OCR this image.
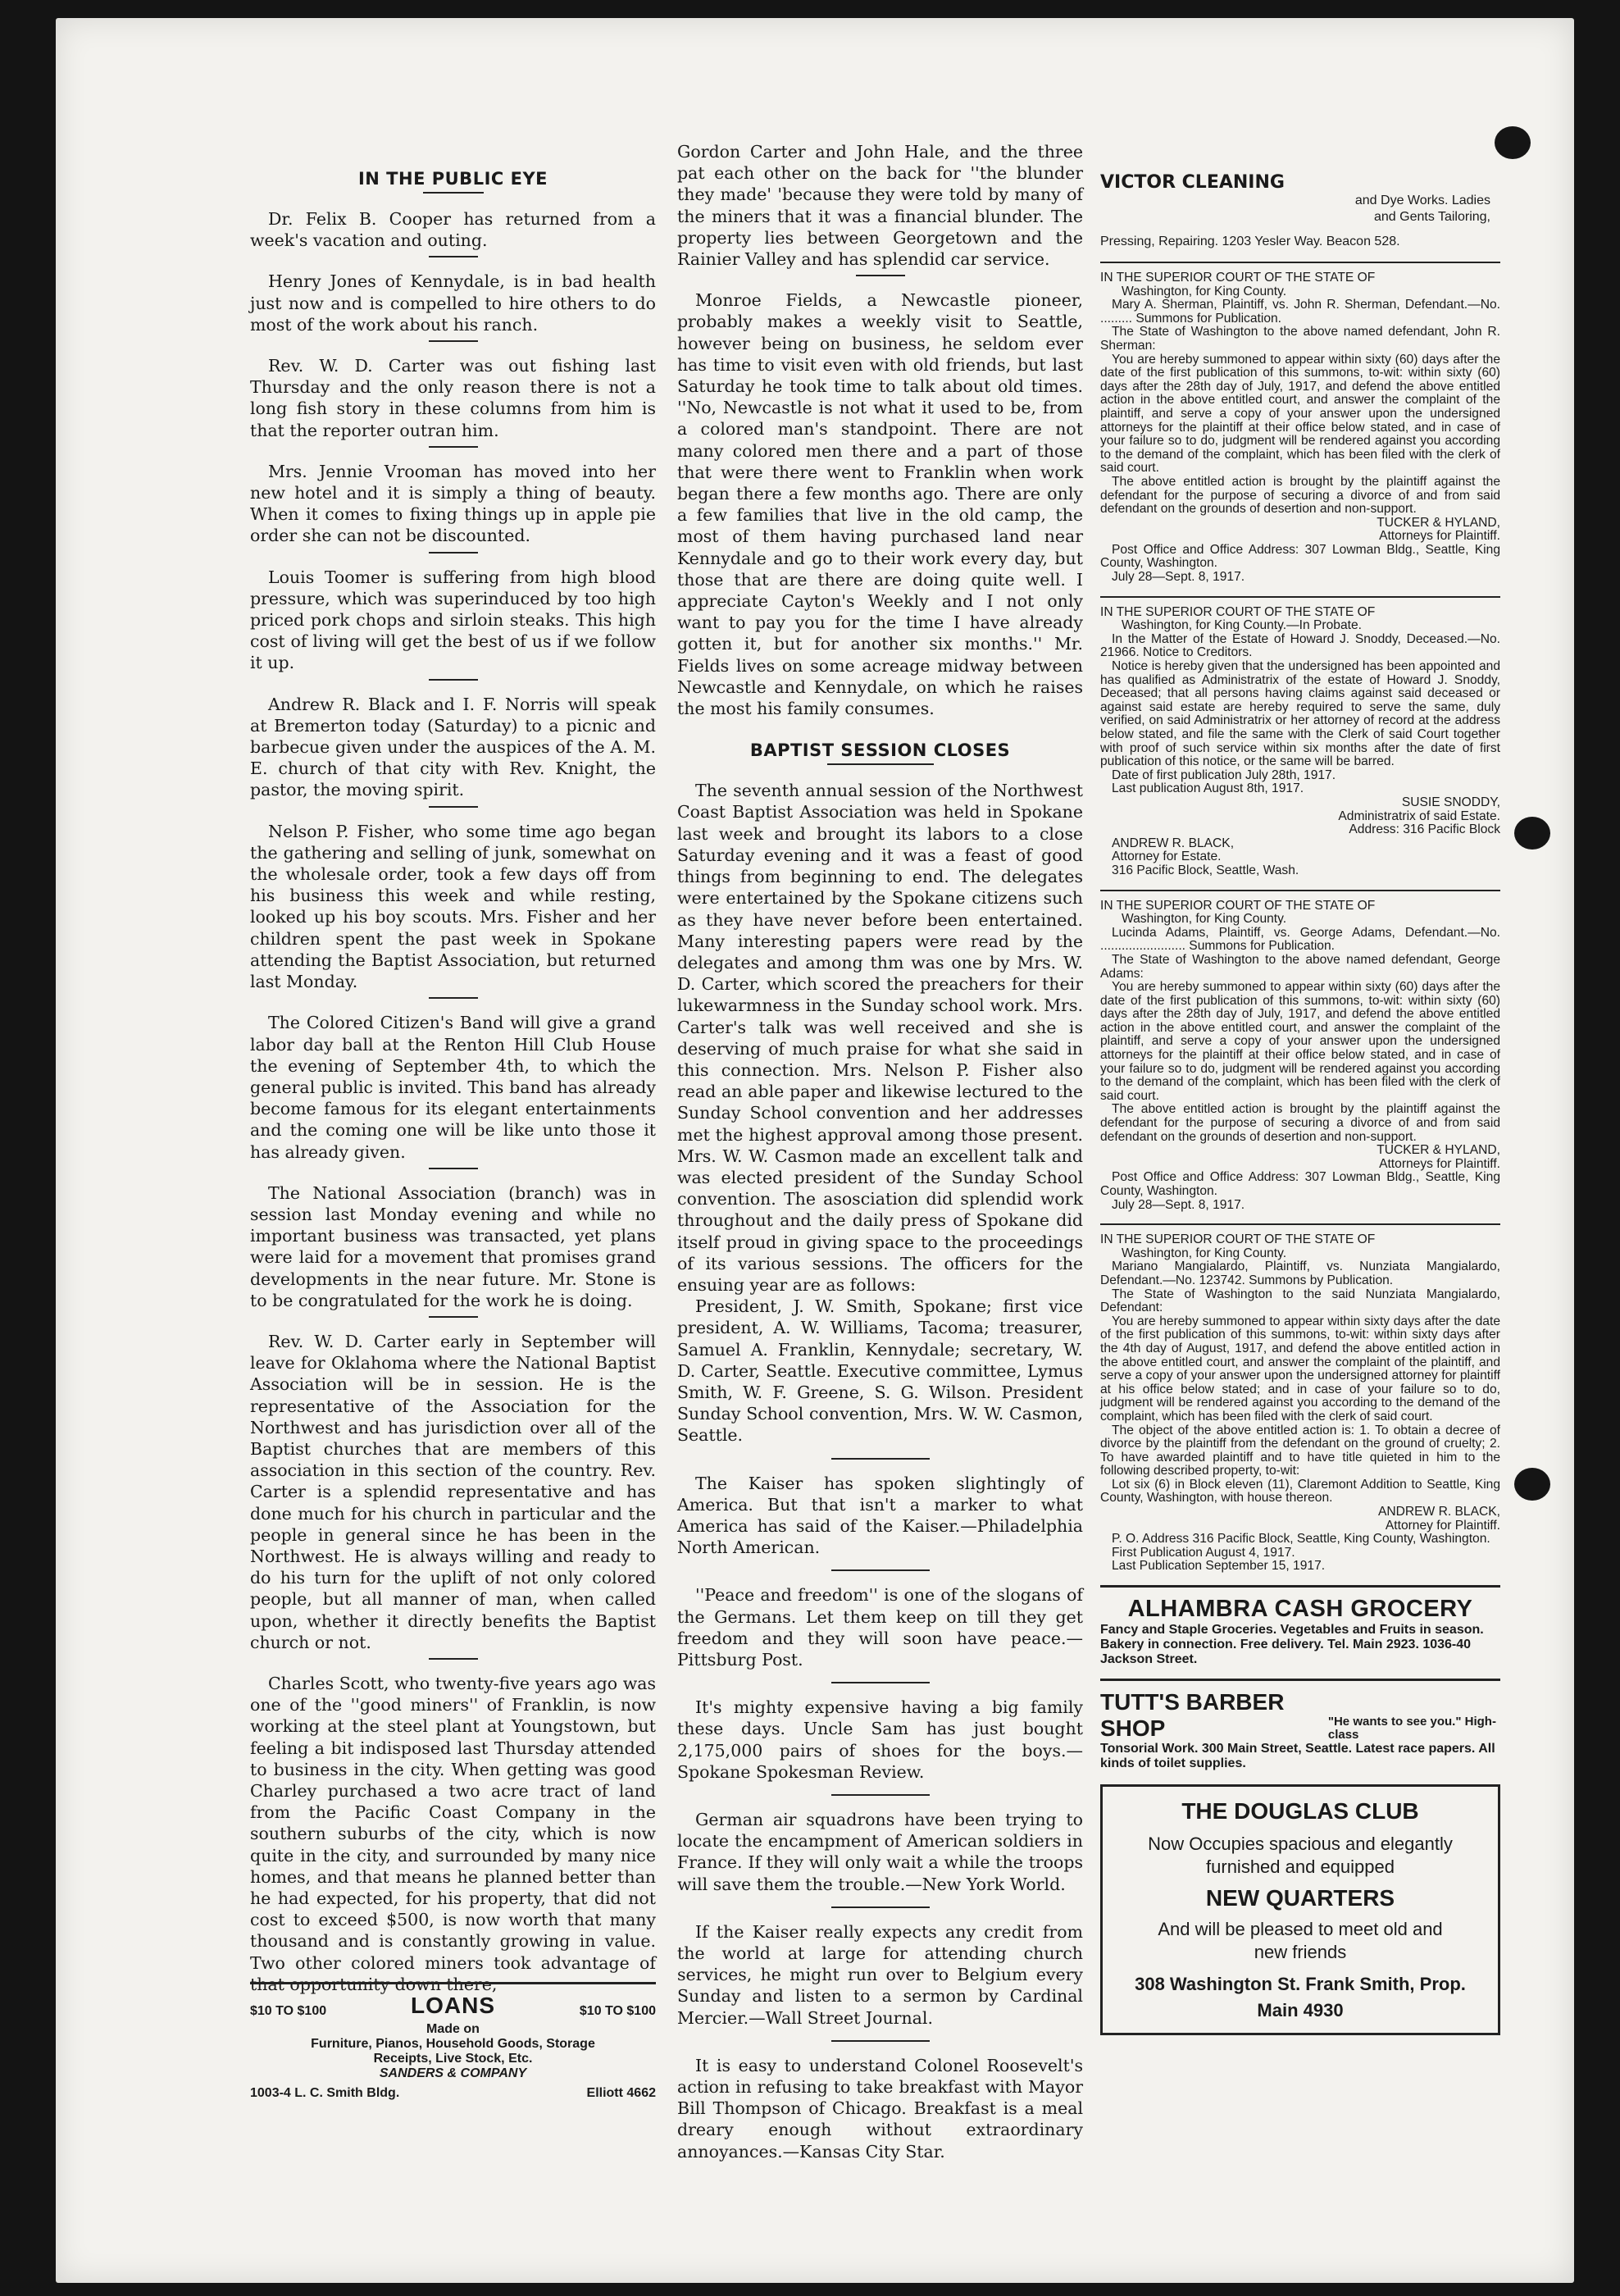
IN THE PUBLIC EYE

Dr. Felix B. Cooper has returned from a week's vacation and outing.

Henry Jones of Kennydale, is in bad health just now and is compelled to hire others to do most of the work about his ranch.

Rev. W. D. Carter was out fishing last Thursday and the only reason there is not a long fish story in these columns from him is that the reporter outran him.

Mrs. Jennie Vrooman has moved into her new hotel and it is simply a thing of beauty. When it comes to fixing things up in apple pie order she can not be discounted.

Louis Toomer is suffering from high blood pressure, which was superinduced by too high priced pork chops and sirloin steaks. This high cost of living will get the best of us if we follow it up.

Andrew R. Black and I. F. Norris will speak at Bremerton today (Saturday) to a picnic and barbecue given under the auspices of the A. M. E. church of that city with Rev. Knight, the pastor, the moving spirit.

Nelson P. Fisher, who some time ago began the gathering and selling of junk, somewhat on the wholesale order, took a few days off from his business this week and while resting, looked up his boy scouts. Mrs. Fisher and her children spent the past week in Spokane attending the Baptist Association, but returned last Monday.

The Colored Citizen's Band will give a grand labor day ball at the Renton Hill Club House the evening of September 4th, to which the general public is invited. This band has already become famous for its elegant entertainments and the coming one will be like unto those it has already given.

The National Association (branch) was in session last Monday evening and while no important business was transacted, yet plans were laid for a movement that promises grand developments in the near future. Mr. Stone is to be congratulated for the work he is doing.

Rev. W. D. Carter early in September will leave for Oklahoma where the National Baptist Association will be in session. He is the representative of the Association for the Northwest and has jurisdiction over all of the Baptist churches that are members of this association in this section of the country. Rev. Carter is a splendid representative and has done much for his church in particular and the people in general since he has been in the Northwest. He is always willing and ready to do his turn for the uplift of not only colored people, but all manner of man, when called upon, whether it directly benefits the Baptist church or not.

Charles Scott, who twenty-five years ago was one of the ''good miners'' of Franklin, is now working at the steel plant at Youngstown, but feeling a bit indisposed last Thursday attended to business in the city. When getting was good Charley purchased a two acre tract of land from the Pacific Coast Company in the southern suburbs of the city, which is now quite in the city, and surrounded by many nice homes, and that means he planned better than he had expected, for his property, that did not cost to exceed $500, is now worth that many thousand and is constantly growing in value. Two other colored miners took advantage of that opportunity down there,

Gordon Carter and John Hale, and the three pat each other on the back for ''the blunder they made' 'because they were told by many of the miners that it was a financial blunder. The property lies between Georgetown and the Rainier Valley and has splendid car service.

Monroe Fields, a Newcastle pioneer, probably makes a weekly visit to Seattle, however being on business, he seldom ever has time to visit even with old friends, but last Saturday he took time to talk about old times. ''No, Newcastle is not what it used to be, from a colored man's standpoint. There are not many colored men there and a part of those that were there went to Franklin when work began there a few months ago. There are only a few families that live in the old camp, the most of them having purchased land near Kennydale and go to their work every day, but those that are there are doing quite well. I appreciate Cayton's Weekly and I not only want to pay you for the time I have already gotten it, but for another six months.'' Mr. Fields lives on some acreage midway between Newcastle and Kennydale, on which he raises the most his family consumes.

BAPTIST SESSION CLOSES

The seventh annual session of the Northwest Coast Baptist Association was held in Spokane last week and brought its labors to a close Saturday evening and it was a feast of good things from beginning to end. The delegates were entertained by the Spokane citizens such as they have never before been entertained. Many interesting papers were read by the delegates and among thm was one by Mrs. W. D. Carter, which scored the preachers for their lukewarmness in the Sunday school work. Mrs. Carter's talk was well received and she is deserving of much praise for what she said in this connection. Mrs. Nelson P. Fisher also read an able paper and likewise lectured to the Sunday School convention and her addresses met the highest approval among those present. Mrs. W. W. Casmon made an excellent talk and was elected president of the Sunday School convention. The asosciation did splendid work throughout and the daily press of Spokane did itself proud in giving space to the proceedings of its various sessions. The officers for the ensuing year are as follows:

President, J. W. Smith, Spokane; first vice president, A. W. Williams, Tacoma; treasurer, Samuel A. Franklin, Kennydale; secretary, W. D. Carter, Seattle. Executive committee, Lymus Smith, W. F. Greene, S. G. Wilson. President Sunday School convention, Mrs. W. W. Casmon, Seattle.

The Kaiser has spoken slightingly of America. But that isn't a marker to what America has said of the Kaiser.—Philadelphia North American.

''Peace and freedom'' is one of the slogans of the Germans. Let them keep on till they get freedom and they will soon have peace.—Pittsburg Post.

It's mighty expensive having a big family these days. Uncle Sam has just bought 2,175,000 pairs of shoes for the boys.—Spokane Spokesman Review.

German air squadrons have been trying to locate the encampment of American soldiers in France. If they will only wait a while the troops will save them the trouble.—New York World.

If the Kaiser really expects any credit from the world at large for attending church services, he might run over to Belgium every Sunday and listen to a sermon by Cardinal Mercier.—Wall Street Journal.

It is easy to understand Colonel Roosevelt's action in refusing to take breakfast with Mayor Bill Thompson of Chicago. Breakfast is a meal dreary enough without extraordinary annoyances.—Kansas City Star.

VICTOR CLEANING
and Dye Works. Ladies
and Gents Tailoring,
Pressing, Repairing. 1203 Yesler Way. Beacon 528.

IN THE SUPERIOR COURT OF THE STATE OF

Washington, for King County.

Mary A. Sherman, Plaintiff, vs. John R. Sherman, Defendant.—No. ......... Summons for Publication.

The State of Washington to the above named defendant, John R. Sherman:

You are hereby summoned to appear within sixty (60) days after the date of the first publication of this summons, to-wit: within sixty (60) days after the 28th day of July, 1917, and defend the above entitled action in the above entitled court, and answer the complaint of the plaintiff, and serve a copy of your answer upon the undersigned attorneys for the plaintiff at their office below stated, and in case of your failure so to do, judgment will be rendered against you according to the demand of the complaint, which has been filed with the clerk of said court.

The above entitled action is brought by the plaintiff against the defendant for the purpose of securing a divorce of and from said defendant on the grounds of desertion and non-support.

TUCKER & HYLAND,

Attorneys for Plaintiff.

Post Office and Office Address: 307 Lowman Bldg., Seattle, King County, Washington.

July 28—Sept. 8, 1917.

IN THE SUPERIOR COURT OF THE STATE OF

Washington, for King County.—In Probate.

In the Matter of the Estate of Howard J. Snoddy, Deceased.—No. 21966. Notice to Creditors.

Notice is hereby given that the undersigned has been appointed and has qualified as Administratrix of the estate of Howard J. Snoddy, Deceased; that all persons having claims against said deceased or against said estate are hereby required to serve the same, duly verified, on said Administratrix or her attorney of record at the address below stated, and file the same with the Clerk of said Court together with proof of such service within six months after the date of first publication of this notice, or the same will be barred.

Date of first publication July 28th, 1917.

Last publication August 8th, 1917.

SUSIE SNODDY,

Administratrix of said Estate.

Address: 316 Pacific Block

ANDREW R. BLACK,

Attorney for Estate.

316 Pacific Block, Seattle, Wash.

IN THE SUPERIOR COURT OF THE STATE OF

Washington, for King County.

Lucinda Adams, Plaintiff, vs. George Adams, Defendant.—No. ........................ Summons for Publication.

The State of Washington to the above named defendant, George Adams:

You are hereby summoned to appear within sixty (60) days after the date of the first publication of this summons, to-wit: within sixty (60) days after the 28th day of July, 1917, and defend the above entitled action in the above entitled court, and answer the complaint of the plaintiff, and serve a copy of your answer upon the undersigned attorneys for the plaintiff at their office below stated, and in case of your failure so to do, judgment will be rendered against you according to the demand of the complaint, which has been filed with the clerk of said court.

The above entitled action is brought by the plaintiff against the defendant for the purpose of securing a divorce of and from said defendant on the grounds of desertion and non-support.

TUCKER & HYLAND,

Attorneys for Plaintiff.

Post Office and Office Address: 307 Lowman Bldg., Seattle, King County, Washington.

July 28—Sept. 8, 1917.

IN THE SUPERIOR COURT OF THE STATE OF

Washington, for King County.

Mariano Mangialardo, Plaintiff, vs. Nunziata Mangialardo, Defendant.—No. 123742. Summons by Publication.

The State of Washington to the said Nunziata Mangialardo, Defendant:

You are hereby summoned to appear within sixty days after the date of the first publication of this summons, to-wit: within sixty days after the 4th day of August, 1917, and defend the above entitled action in the above entitled court, and answer the complaint of the plaintiff, and serve a copy of your answer upon the undersigned attorney for plaintiff at his office below stated; and in case of your failure so to do, judgment will be rendered against you according to the demand of the complaint, which has been filed with the clerk of said court.

The object of the above entitled action is: 1. To obtain a decree of divorce by the plaintiff from the defendant on the ground of cruelty; 2. To have awarded plaintiff and to have title quieted in him to the following described property, to-wit:

Lot six (6) in Block eleven (11), Claremont Addition to Seattle, King County, Washington, with house thereon.

ANDREW R. BLACK,

Attorney for Plaintiff.

P. O. Address 316 Pacific Block, Seattle, King County, Washington.

First Publication August 4, 1917.

Last Publication September 15, 1917.

ALHAMBRA CASH GROCERY
Fancy and Staple Groceries. Vegetables and Fruits in season. Bakery in connection. Free delivery. Tel. Main 2923. 1036-40 Jackson Street.
TUTT'S BARBER SHOP	"He wants to see you." High-class
Tonsorial Work. 300 Main Street, Seattle. Latest race papers. All kinds of toilet supplies.
THE DOUGLAS CLUB
Now Occupies spacious and elegantly
furnished and equipped
NEW QUARTERS
And will be pleased to meet old and
new friends
308 Washington St. Frank Smith, Prop.
Main 4930
$10 TO $100	LOANS	$10 TO $100
Made on
Furniture, Pianos, Household Goods, Storage
Receipts, Live Stock, Etc.
SANDERS & COMPANY
1003-4 L. C. Smith Bldg.	Elliott 4662
